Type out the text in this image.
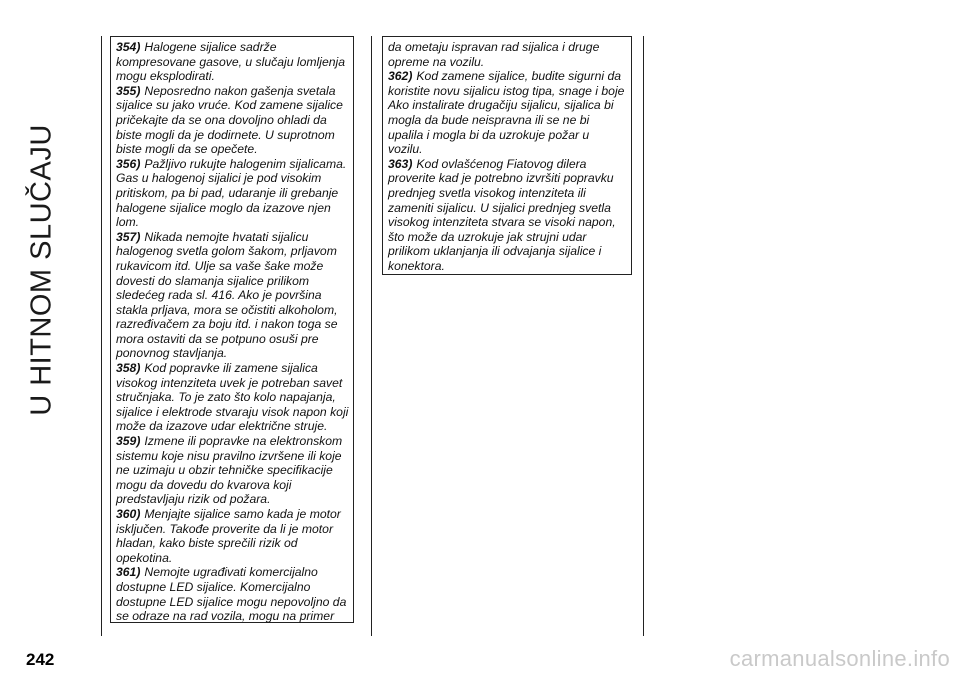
U HITNOM SLUČAJU

354) Halogene sijalice sadrže kompresovane gasove, u slučaju lomljenja mogu eksplodirati.

355) Neposredno nakon gašenja svetala sijalice su jako vruće. Kod zamene sijalice pričekajte da se ona dovoljno ohladi da biste mogli da je dodirnete. U suprotnom biste mogli da se opečete.

356) Pažljivo rukujte halogenim sijalicama. Gas u halogenoj sijalici je pod visokim pritiskom, pa bi pad, udaranje ili grebanje halogene sijalice moglo da izazove njen lom.

357) Nikada nemojte hvatati sijalicu halogenog svetla golom šakom, prljavom rukavicom itd. Ulje sa vaše šake može dovesti do slamanja sijalice prilikom sledećeg rada sl. 416. Ako je površina stakla prljava, mora se očistiti alkoholom, razređivačem za boju itd. i nakon toga se mora ostaviti da se potpuno osuši pre ponovnog stavljanja.

358) Kod popravke ili zamene sijalica visokog intenziteta uvek je potreban savet stručnjaka. To je zato što kolo napajanja, sijalice i elektrode stvaraju visok napon koji može da izazove udar električne struje.

359) Izmene ili popravke na elektronskom sistemu koje nisu pravilno izvršene ili koje ne uzimaju u obzir tehničke specifikacije mogu da dovedu do kvarova koji predstavljaju rizik od požara.

360) Menjajte sijalice samo kada je motor isključen. Takođe proverite da li je motor hladan, kako biste sprečili rizik od opekotina.

361) Nemojte ugrađivati komercijalno dostupne LED sijalice. Komercijalno dostupne LED sijalice mogu nepovoljno da se odraze na rad vozila, mogu na primer

da ometaju ispravan rad sijalica i druge opreme na vozilu.

362) Kod zamene sijalice, budite sigurni da koristite novu sijalicu istog tipa, snage i boje Ako instalirate drugačiju sijalicu, sijalica bi mogla da bude neispravna ili se ne bi upalila i mogla bi da uzrokuje požar u vozilu.

363) Kod ovlašćenog Fiatovog dilera proverite kad je potrebno izvršiti popravku prednjeg svetla visokog intenziteta ili zameniti sijalicu. U sijalici prednjeg svetla visokog intenziteta stvara se visoki napon, što može da uzrokuje jak strujni udar prilikom uklanjanja ili odvajanja sijalice i konektora.

242	carmanualsonline.info
